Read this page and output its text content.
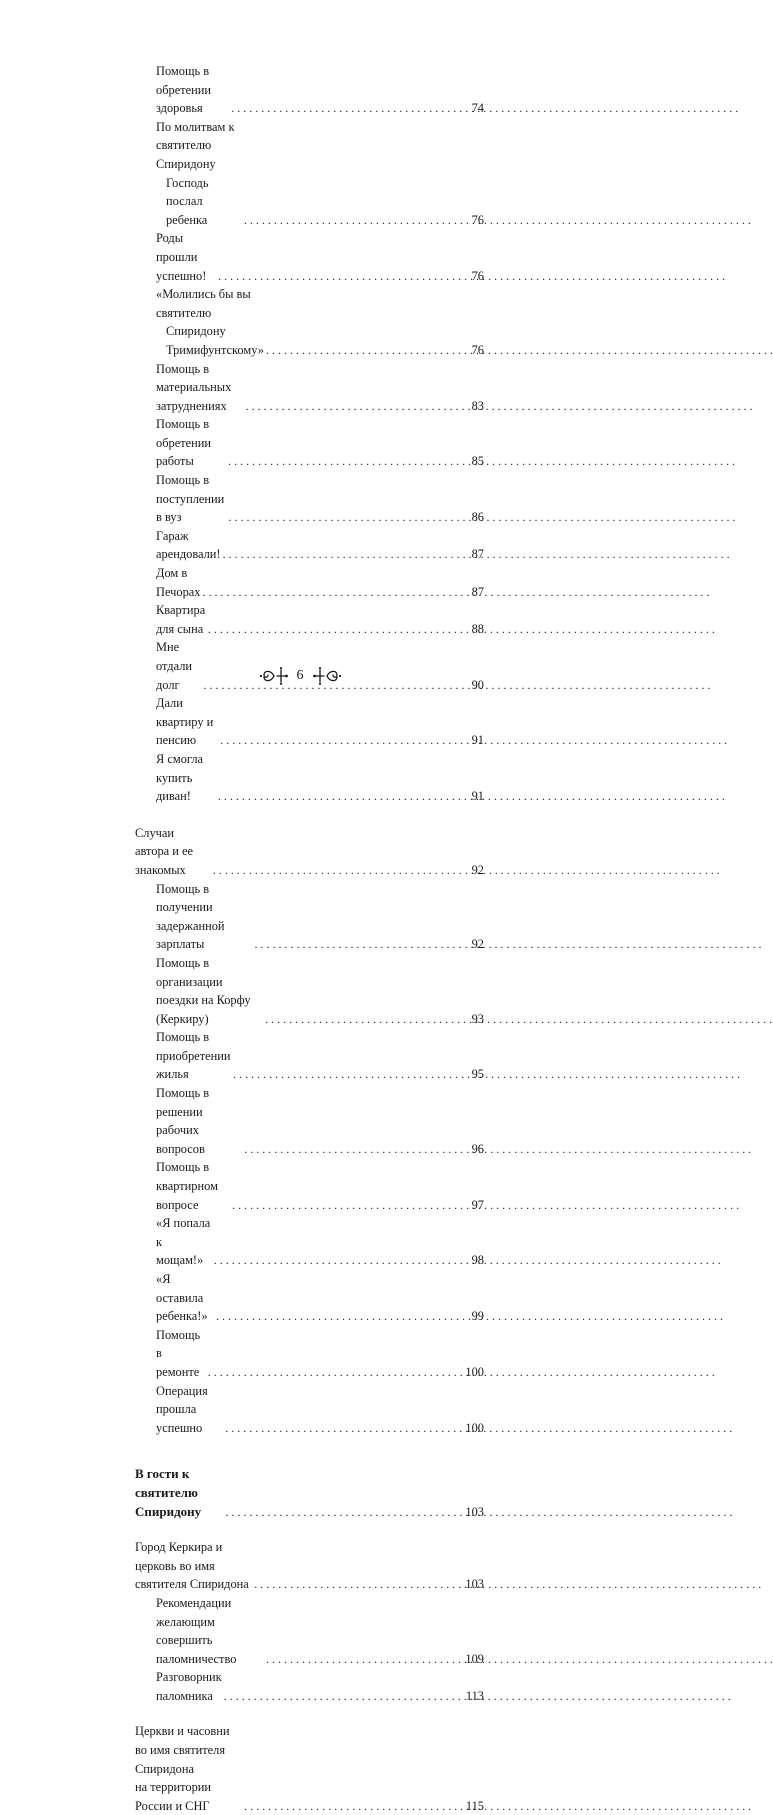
Помощь в обретении здоровья . . .	74
По молитвам к святителю Спиридону
Господь послал ребенка . . .	76
Роды прошли успешно! . . .	76
«Молились бы вы святителю
Спиридону Тримифунтскому» . . .	76
Помощь в материальных затруднениях . . .	83
Помощь в обретении работы . . .	85
Помощь в поступлении в вуз . . .	86
Гараж арендовали! . . .	87
Дом в Печорах . . .	87
Квартира для сына . . .	88
Мне отдали долг . . .	90
Дали квартиру и пенсию . . .	91
Я смогла купить диван! . . .	91
Случаи автора и ее знакомых . . .	92
Помощь в получении задержанной зарплаты . . .	92
Помощь в организации поездки на Корфу (Керкиру) . . .	93
Помощь в приобретении жилья . . .	95
Помощь в решении рабочих вопросов . . .	96
Помощь в квартирном вопросе . . .	97
«Я попала к мощам!» . . .	98
«Я оставила ребенка!» . . .	99
Помощь в ремонте . . .	100
Операция прошла успешно . . .	100
В гости к святителю Спиридону . . .	103
Город Керкира и церковь во имя святителя Спиридона . . .	103
Рекомендации желающим совершить паломничество . . .	109
Разговорник паломника . . .	113
Церкви и часовни во имя святителя Спиридона
на территории России и СНГ . . .	115
6
